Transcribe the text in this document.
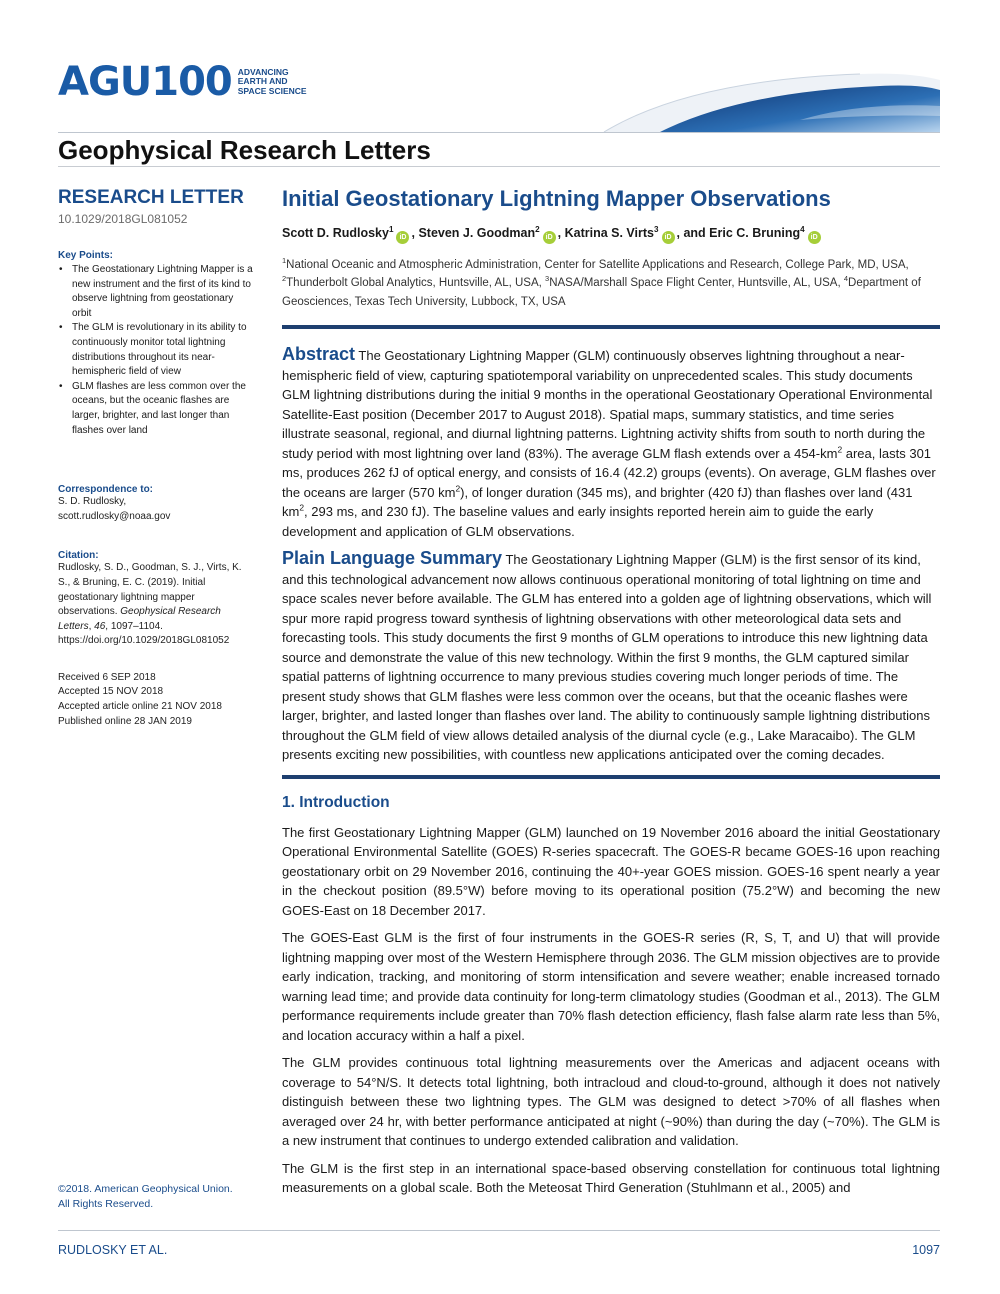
AGU100 ADVANCING
EARTH AND
SPACE SCIENCE
Geophysical Research Letters
RESEARCH LETTER
10.1029/2018GL081052
Key Points:
• The Geostationary Lightning Mapper is a new instrument and the first of its kind to observe lightning from geostationary orbit
• The GLM is revolutionary in its ability to continuously monitor total lightning distributions throughout its near-hemispheric field of view
• GLM flashes are less common over the oceans, but the oceanic flashes are larger, brighter, and last longer than flashes over land
Correspondence to:
S. D. Rudlosky,
scott.rudlosky@noaa.gov
Citation:
Rudlosky, S. D., Goodman, S. J., Virts, K. S., & Bruning, E. C. (2019). Initial geostationary lightning mapper observations. Geophysical Research Letters, 46, 1097–1104. https://doi.org/10.1029/2018GL081052
Received 6 SEP 2018
Accepted 15 NOV 2018
Accepted article online 21 NOV 2018
Published online 28 JAN 2019
©2018. American Geophysical Union.
All Rights Reserved.
Initial Geostationary Lightning Mapper Observations
Scott D. Rudlosky$^1$iD , Steven J. Goodman$^2$iD , Katrina S. Virts$^3$iD , and Eric C. Bruning$^4$iD
$^1$National Oceanic and Atmospheric Administration, Center for Satellite Applications and Research, College Park, MD, USA, $^2$Thunderbolt Global Analytics, Huntsville, AL, USA, $^3$NASA/Marshall Space Flight Center, Huntsville, AL, USA, $^4$Department of Geosciences, Texas Tech University, Lubbock, TX, USA
Abstract The Geostationary Lightning Mapper (GLM) continuously observes lightning throughout a near-hemispheric field of view, capturing spatiotemporal variability on unprecedented scales. This study documents GLM lightning distributions during the initial 9 months in the operational Geostationary Operational Environmental Satellite-East position (December 2017 to August 2018). Spatial maps, summary statistics, and time series illustrate seasonal, regional, and diurnal lightning patterns. Lightning activity shifts from south to north during the study period with most lightning over land (83%). The average GLM flash extends over a $454-km^2$ area, lasts 301 ms, produces 262 fJ of optical energy, and consists of 16.4 (42.2) groups (events). On average, GLM flashes over the oceans are larger (570 $km^2$), of longer duration (345 ms), and brighter (420 fJ) than flashes over land (431 $km^2$, 293 ms, and 230 fJ). The baseline values and early insights reported herein aim to guide the early development and application of GLM observations.
Plain Language Summary The Geostationary Lightning Mapper (GLM) is the first sensor of its kind, and this technological advancement now allows continuous operational monitoring of total lightning on time and space scales never before available. The GLM has entered into a golden age of lightning observations, which will spur more rapid progress toward synthesis of lightning observations with other meteorological data sets and forecasting tools. This study documents the first 9 months of GLM operations to introduce this new lightning data source and demonstrate the value of this new technology. Within the first 9 months, the GLM captured similar spatial patterns of lightning occurrence to many previous studies covering much longer periods of time. The present study shows that GLM flashes were less common over the oceans, but that the oceanic flashes were larger, brighter, and lasted longer than flashes over land. The ability to continuously sample lightning distributions throughout the GLM field of view allows detailed analysis of the diurnal cycle (e.g., Lake Maracaibo). The GLM presents exciting new possibilities, with countless new applications anticipated over the coming decades.
1. Introduction
The first Geostationary Lightning Mapper (GLM) launched on 19 November 2016 aboard the initial Geostationary Operational Environmental Satellite (GOES) R-series spacecraft. The GOES-R became GOES-16 upon reaching geostationary orbit on 29 November 2016, continuing the 40+-year GOES mission. GOES-16 spent nearly a year in the checkout position (89.5°W) before moving to its operational position (75.2°W) and becoming the new GOES-East on 18 December 2017.
The GOES-East GLM is the first of four instruments in the GOES-R series (R, S, T, and U) that will provide lightning mapping over most of the Western Hemisphere through 2036. The GLM mission objectives are to provide early indication, tracking, and monitoring of storm intensification and severe weather; enable increased tornado warning lead time; and provide data continuity for long-term climatology studies (Goodman et al., 2013). The GLM performance requirements include greater than 70% flash detection efficiency, flash false alarm rate less than 5%, and location accuracy within a half a pixel.
The GLM provides continuous total lightning measurements over the Americas and adjacent oceans with coverage to 54°N/S. It detects total lightning, both intracloud and cloud-to-ground, although it does not natively distinguish between these two lightning types. The GLM was designed to detect >70% of all flashes when averaged over 24 hr, with better performance anticipated at night (~90%) than during the day (~70%). The GLM is a new instrument that continues to undergo extended calibration and validation.
The GLM is the first step in an international space-based observing constellation for continuous total lightning measurements on a global scale. Both the Meteosat Third Generation (Stuhlmann et al., 2005) and
RUDLOSKY ET AL.	1097
